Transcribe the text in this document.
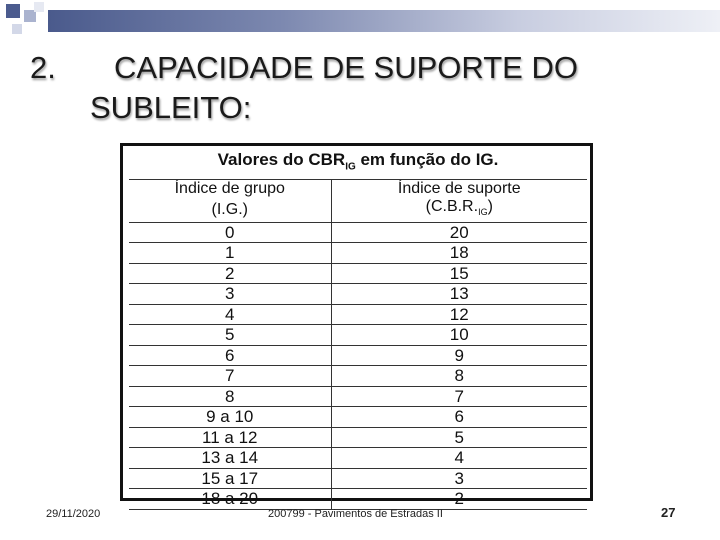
2. CAPACIDADE DE SUPORTE DO
SUBLEITO:
Valores do $CBR_{IG}$ em função do IG.	
Índice de grupo	Índice de suporte
(I.G.)	$(C.B.R._{IG})$
0	20
1	18
2	15
3	13
4	12
5	10
6	9
7	8
8	7
9 a 10	6
11 a 12	5
13 a 14	4
15 a 17	3
18 a 20	2
29/11/2020	200799 - Pavimentos de Estradas II	27
